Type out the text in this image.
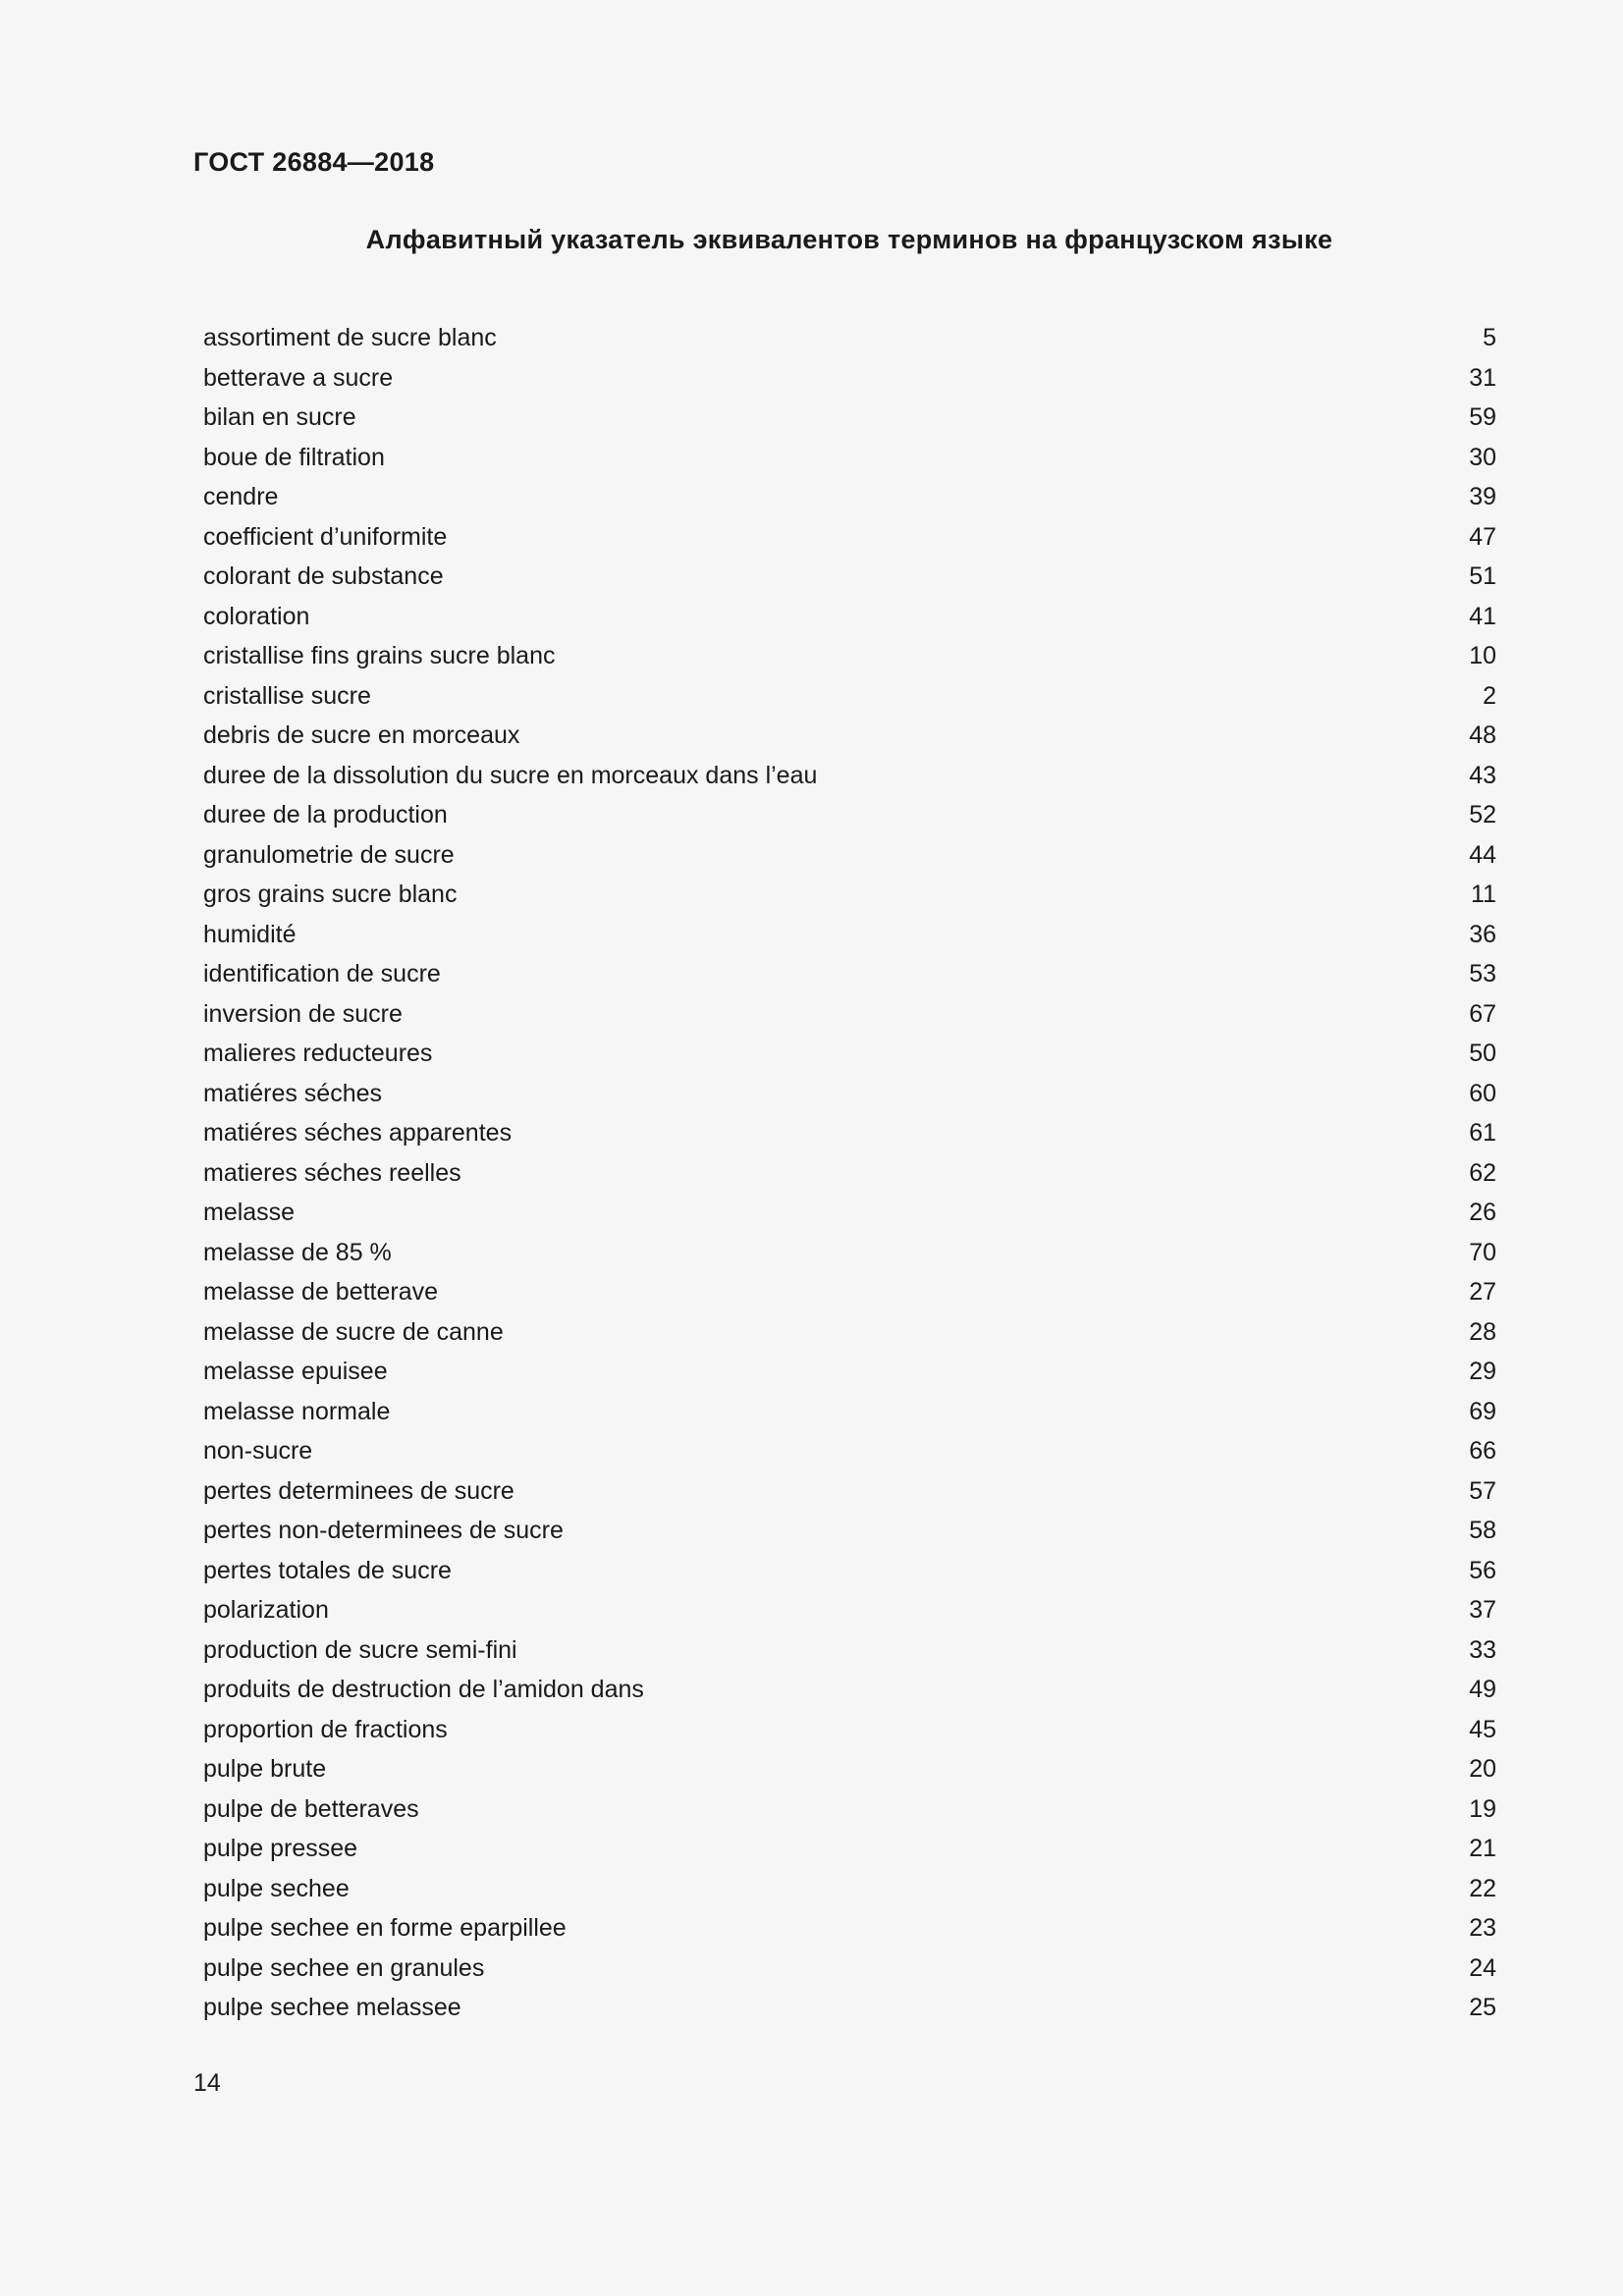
ГОСТ 26884—2018
Алфавитный указатель эквивалентов терминов на французском языке
assortiment de sucre blanc	5
betterave a sucre	31
bilan en sucre	59
boue de filtration	30
cendre	39
coefficient d’uniformite	47
colorant de substance	51
coloration	41
cristallise fins grains sucre blanc	10
cristallise sucre	2
debris de sucre en morceaux	48
duree de la dissolution du sucre en morceaux dans l’eau	43
duree de la production	52
granulometrie de sucre	44
gros grains sucre blanc	11
humidité	36
identification de sucre	53
inversion de sucre	67
malieres reducteures	50
matiéres séches	60
matiéres séches apparentes	61
matieres séches reelles	62
melasse	26
melasse de 85 %	70
melasse de betterave	27
melasse de sucre de canne	28
melasse epuisee	29
melasse normale	69
non-sucre	66
pertes determinees de sucre	57
pertes non-determinees de sucre	58
pertes totales de sucre	56
polarization	37
production de sucre semi-fini	33
produits de destruction de l’amidon dans	49
proportion de fractions	45
pulpe brute	20
pulpe de betteraves	19
pulpe pressee	21
pulpe sechee	22
pulpe sechee en forme eparpillee	23
pulpe sechee en granules	24
pulpe sechee melassee	25
14
